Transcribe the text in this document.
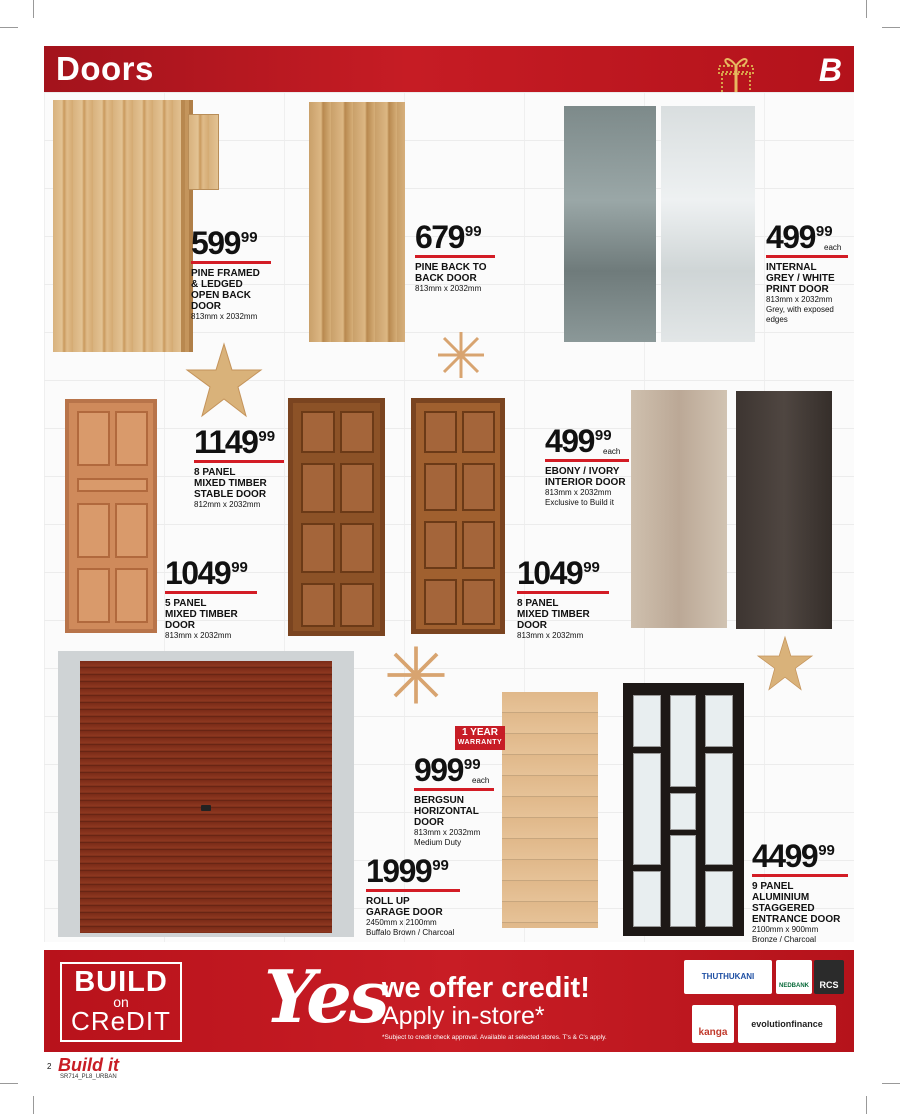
Doors	B
59999
PINE FRAMED
& LEDGED
OPEN BACK
DOOR
813mm x 2032mm
67999
PINE BACK TO
BACK DOOR
813mm x 2032mm
49999
each
INTERNAL
GREY / WHITE
PRINT DOOR
813mm x 2032mm
Grey, with exposed edges
114999
8 PANEL
MIXED TIMBER
STABLE DOOR
812mm x 2032mm
49999
each
EBONY / IVORY
INTERIOR DOOR
813mm x 2032mm
Exclusive to Build it
104999
5 PANEL
MIXED TIMBER
DOOR
813mm x 2032mm
104999
8 PANEL
MIXED TIMBER
DOOR
813mm x 2032mm
1 YEAR
WARRANTY
99999
each
BERGSUN
HORIZONTAL
DOOR
813mm x 2032mm
Medium Duty
199999
ROLL UP
GARAGE DOOR
2450mm x 2100mm
Buffalo Brown / Charcoal
449999
9 PANEL
ALUMINIUM
STAGGERED
ENTRANCE DOOR
2100mm x 900mm
Bronze / Charcoal
BUILD
on
CReDIT Yes
we offer credit!
Apply in-store*
*Subject to credit check approval. Available at selected stores. T's & C's apply.
THUTHUKANI
NEDBANK	RCS
kanga
evolutionfinance
2 Build it
SR714_PL8_URBAN
